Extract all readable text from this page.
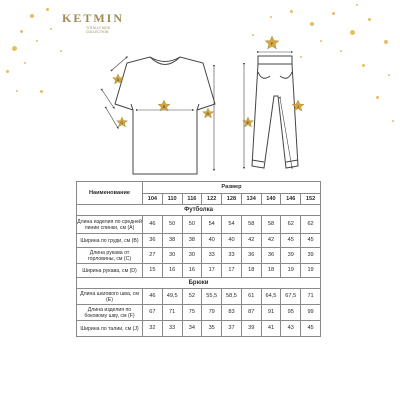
KETMIN
TOTALLY KIDS
COLLECTION
A
B
C
D
E
F
J
Наименование	Размер								
	104	110	116	122	128	134	140	146	152
Футболка									
Длина изделия по средней линии спинки, см (А)	46	50	50	54	54	58	58	62	62
Ширина по груди, см (В)	36	38	38	40	40	42	42	45	45
Длина рукава от горловины, см (С)	27	30	30	33	33	36	36	39	39
Ширина рукава, см (D)	15	16	16	17	17	18	18	19	19
Брюки									
Длина шагового шва, см (E)	46	49,5	52	55,5	58,5	61	64,5	67,5	71
Длина изделия по боковому шву, см (F)	67	71	75	79	83	87	91	95	99
Ширина по талии, см (J)	32	33	34	35	37	39	41	43	45
